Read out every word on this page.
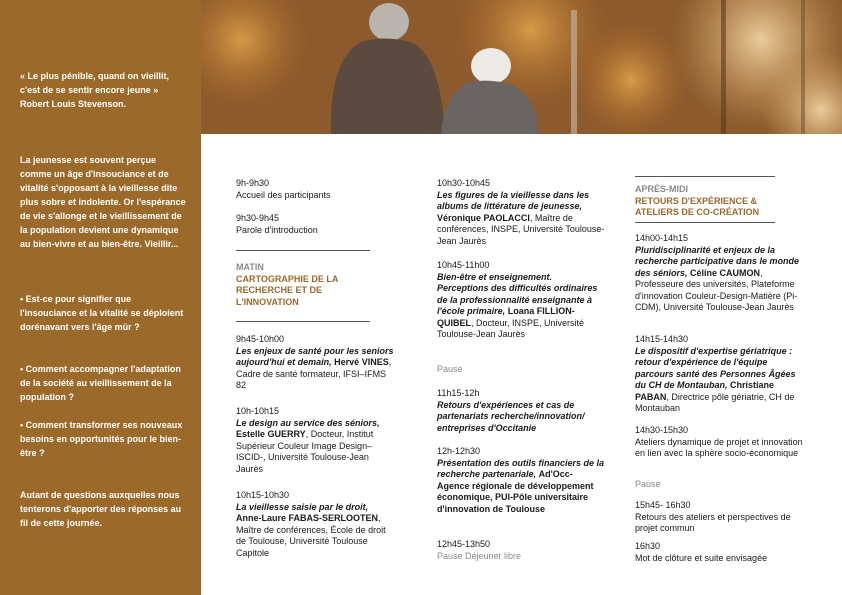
« Le plus pénible, quand on vieillit, c'est de se sentir encore jeune »
Robert Louis Stevenson.

La jeunesse est souvent perçue comme un âge d'insouciance et de vitalité s'opposant à la vieillesse dite plus sobre et indolente. Or l'espérance de vie s'allonge et le vieillissement de la population devient une dynamique au bien-vivre et au bien-être. Vieillir...

• Est-ce pour signifier que l'insouciance et la vitalité se déploient dorénavant vers l'âge mûr ?

• Comment accompagner l'adaptation de la société au vieillissement de la population ?

• Comment transformer ses nouveaux besoins en opportunités pour le bien-être ?

Autant de questions auxquelles nous tenterons d'apporter des réponses au fil de cette journée.

9h-9h30
Accueil des participants
9h30-9h45
Parole d'introduction
MATIN
CARTOGRAPHIE DE LA RECHERCHE ET DE L'INNOVATION
9h45-10h00
Les enjeux de santé pour les seniors aujourd'hui et demain, Hervé VINES, Cadre de santé formateur, IFSI–IFMS 82
10h-10h15
Le design au service des séniors, Estelle GUERRY, Docteur, Institut Supérieur Couleur Image Design–ISCID-, Université Toulouse-Jean Jaurès
10h15-10h30
La vieillesse saisie par le droit, Anne-Laure FABAS-SERLOOTEN, Maître de conférences, École de droit de Toulouse, Université Toulouse Capitole
10h30-10h45
Les figures de la vieillesse dans les albums de littérature de jeunesse, Véronique PAOLACCI, Maître de conférences, INSPE, Université Toulouse-Jean Jaurès
10h45-11h00
Bien-être et enseignement. Perceptions des difficultés ordinaires de la professionnalité enseignante à l'école primaire, Loana FILLION-QUIBEL, Docteur, INSPE, Université Toulouse-Jean Jaurès
Pause
11h15-12h
Retours d'expériences et cas de partenariats recherche/innovation/ entreprises d'Occitanie
12h-12h30
Présentation des outils financiers de la recherche partenariale, Ad'Occ-Agence régionale de développement économique, PUI-Pôle universitaire d'innovation de Toulouse
12h45-13h50
Pause Déjeuner libre
APRÈS-MIDI
RETOURS D'EXPÉRIENCE & ATELIERS DE CO-CRÉATION
14h00-14h15
Pluridisciplinarité et enjeux de la recherche participative dans le monde des séniors, Céline CAUMON, Professeure des universités, Plateforme d'innovation Couleur-Design-Matière (Pi-CDM), Université Toulouse-Jean Jaurès
14h15-14h30
Le dispositif d'expertise gériatrique : retour d'expérience de l'équipe parcours santé des Personnes Âgées du CH de Montauban, Christiane PABAN, Directrice pôle gériatrie, CH de Montauban
14h30-15h30
Ateliers dynamique de projet et innovation en lien avec la sphère socio-économique
Pause
15h45- 16h30
Retours des ateliers et perspectives de projet commun
16h30
Mot de clôture et suite envisagée
